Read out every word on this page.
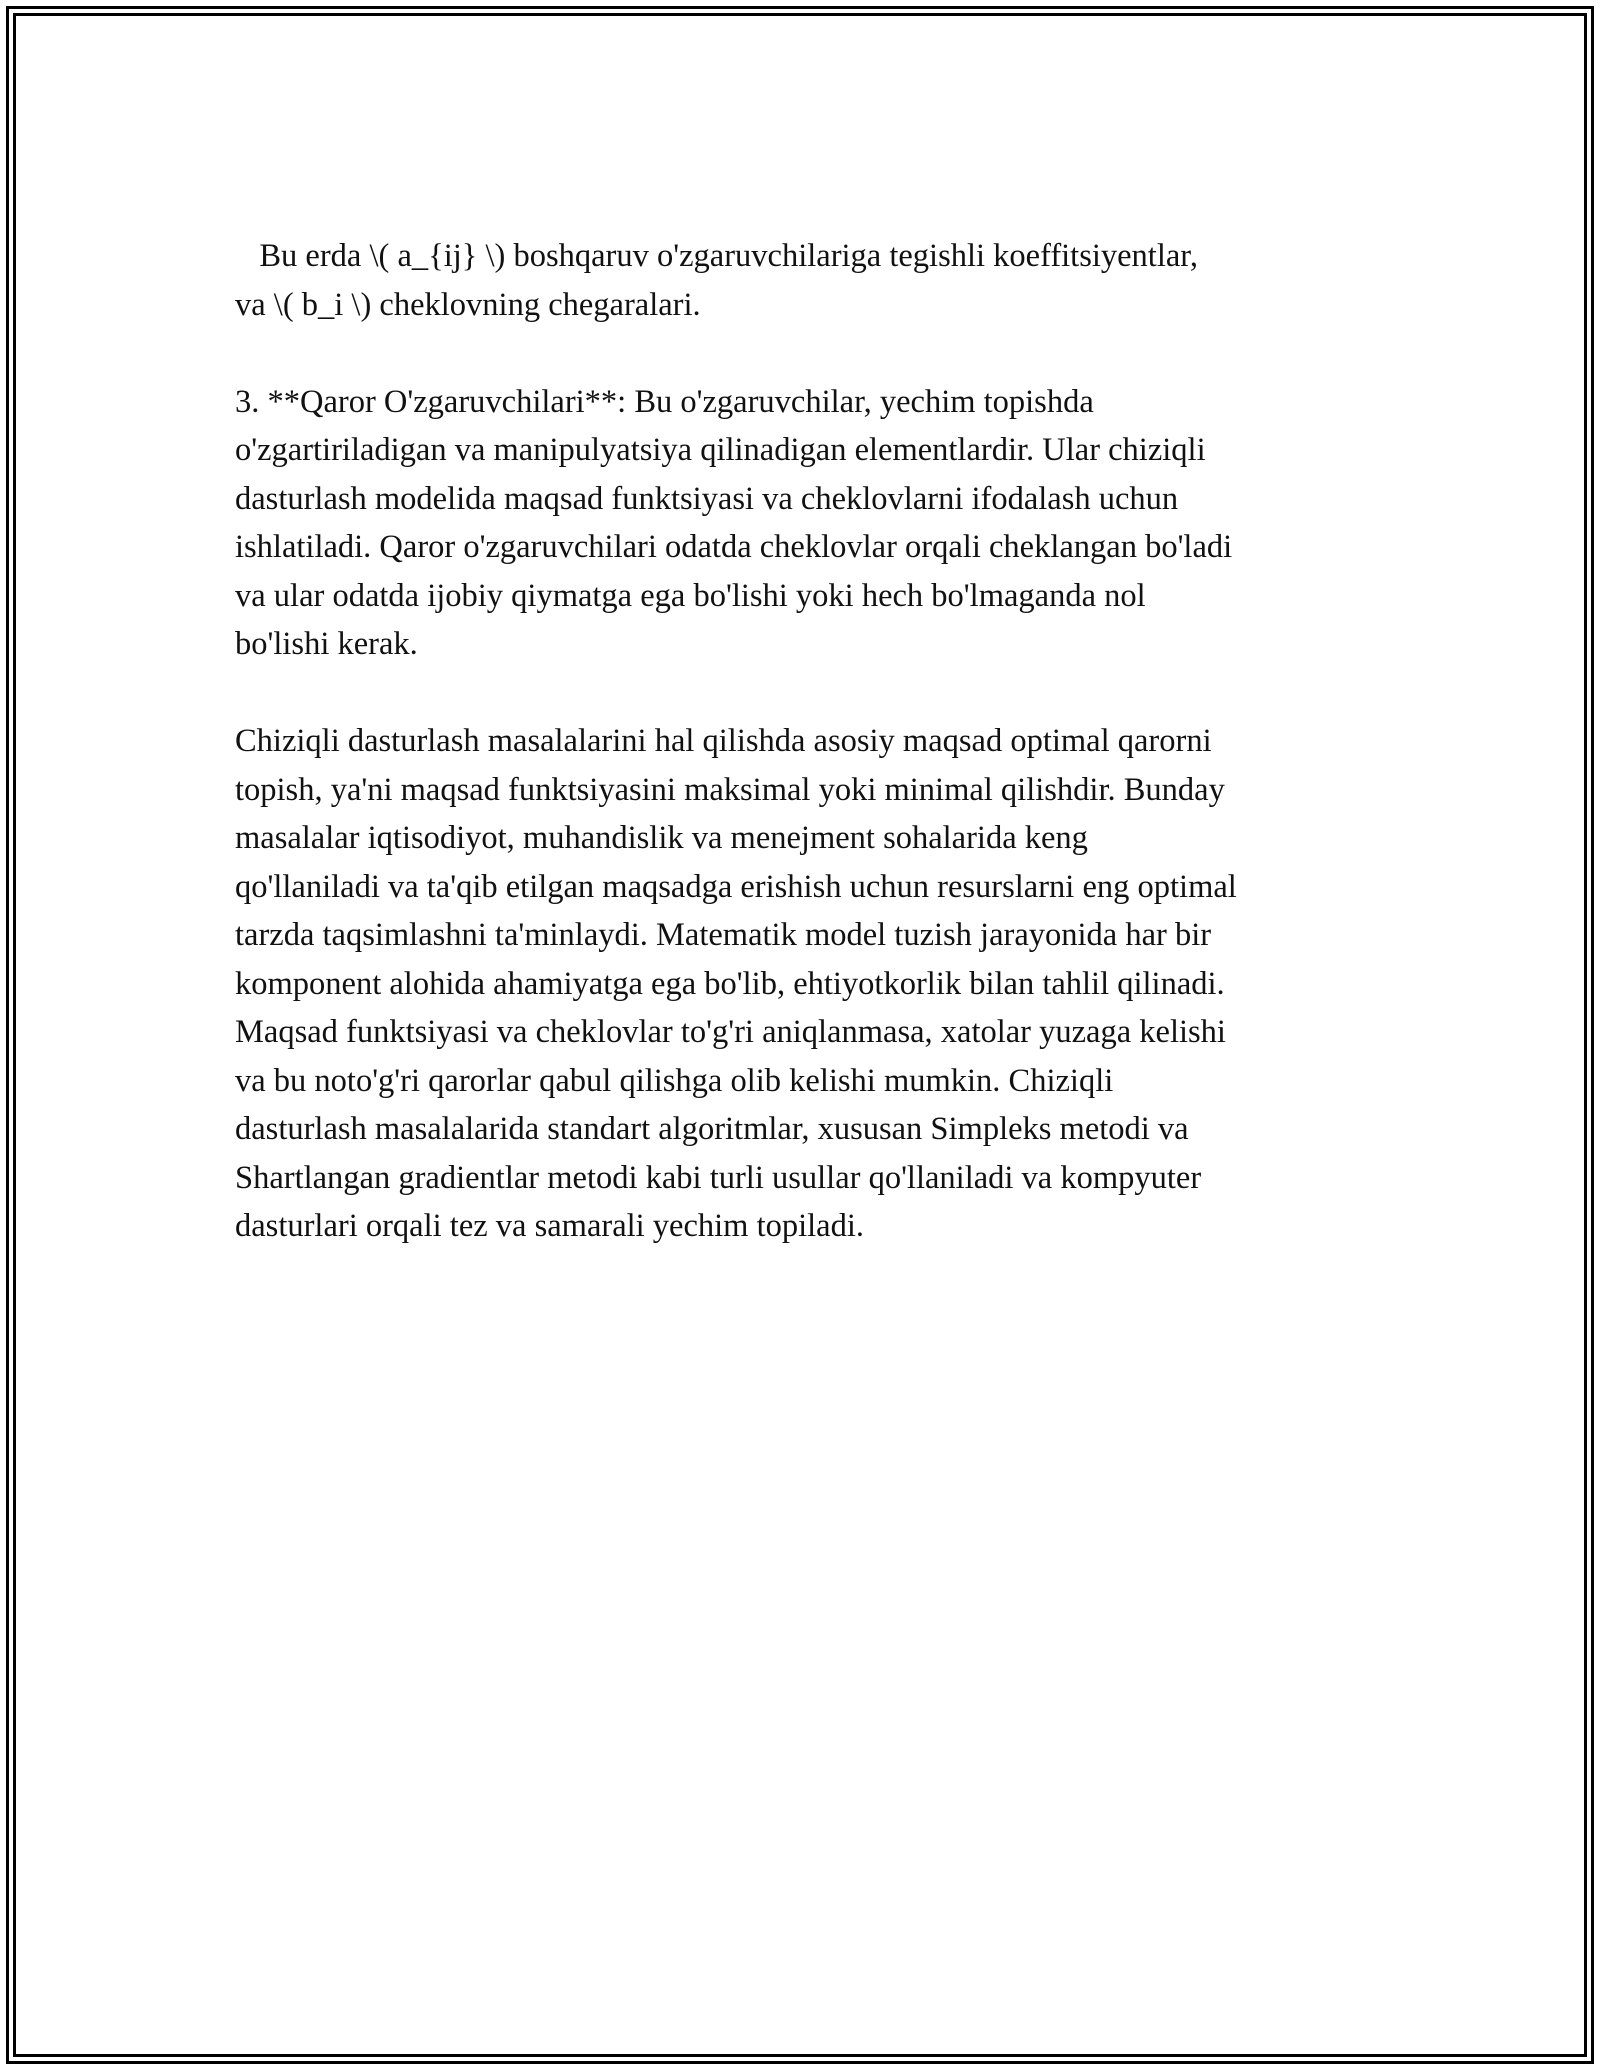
Bu erda \( a_{ij} \) boshqaruv o'zgaruvchilariga tegishli koeffitsiyentlar,
va \( b_i \) cheklovning chegaralari.
3. **Qaror O'zgaruvchilari**: Bu o'zgaruvchilar, yechim topishda
o'zgartiriladigan va manipulyatsiya qilinadigan elementlardir. Ular chiziqli
dasturlash modelida maqsad funktsiyasi va cheklovlarni ifodalash uchun
ishlatiladi. Qaror o'zgaruvchilari odatda cheklovlar orqali cheklangan bo'ladi
va ular odatda ijobiy qiymatga ega bo'lishi yoki hech bo'lmaganda nol
bo'lishi kerak.
Chiziqli dasturlash masalalarini hal qilishda asosiy maqsad optimal qarorni
topish, ya'ni maqsad funktsiyasini maksimal yoki minimal qilishdir. Bunday
masalalar iqtisodiyot, muhandislik va menejment sohalarida keng
qo'llaniladi va ta'qib etilgan maqsadga erishish uchun resurslarni eng optimal
tarzda taqsimlashni ta'minlaydi. Matematik model tuzish jarayonida har bir
komponent alohida ahamiyatga ega bo'lib, ehtiyotkorlik bilan tahlil qilinadi.
Maqsad funktsiyasi va cheklovlar to'g'ri aniqlanmasa, xatolar yuzaga kelishi
va bu noto'g'ri qarorlar qabul qilishga olib kelishi mumkin. Chiziqli
dasturlash masalalarida standart algoritmlar, xususan Simpleks metodi va
Shartlangan gradientlar metodi kabi turli usullar qo'llaniladi va kompyuter
dasturlari orqali tez va samarali yechim topiladi.
